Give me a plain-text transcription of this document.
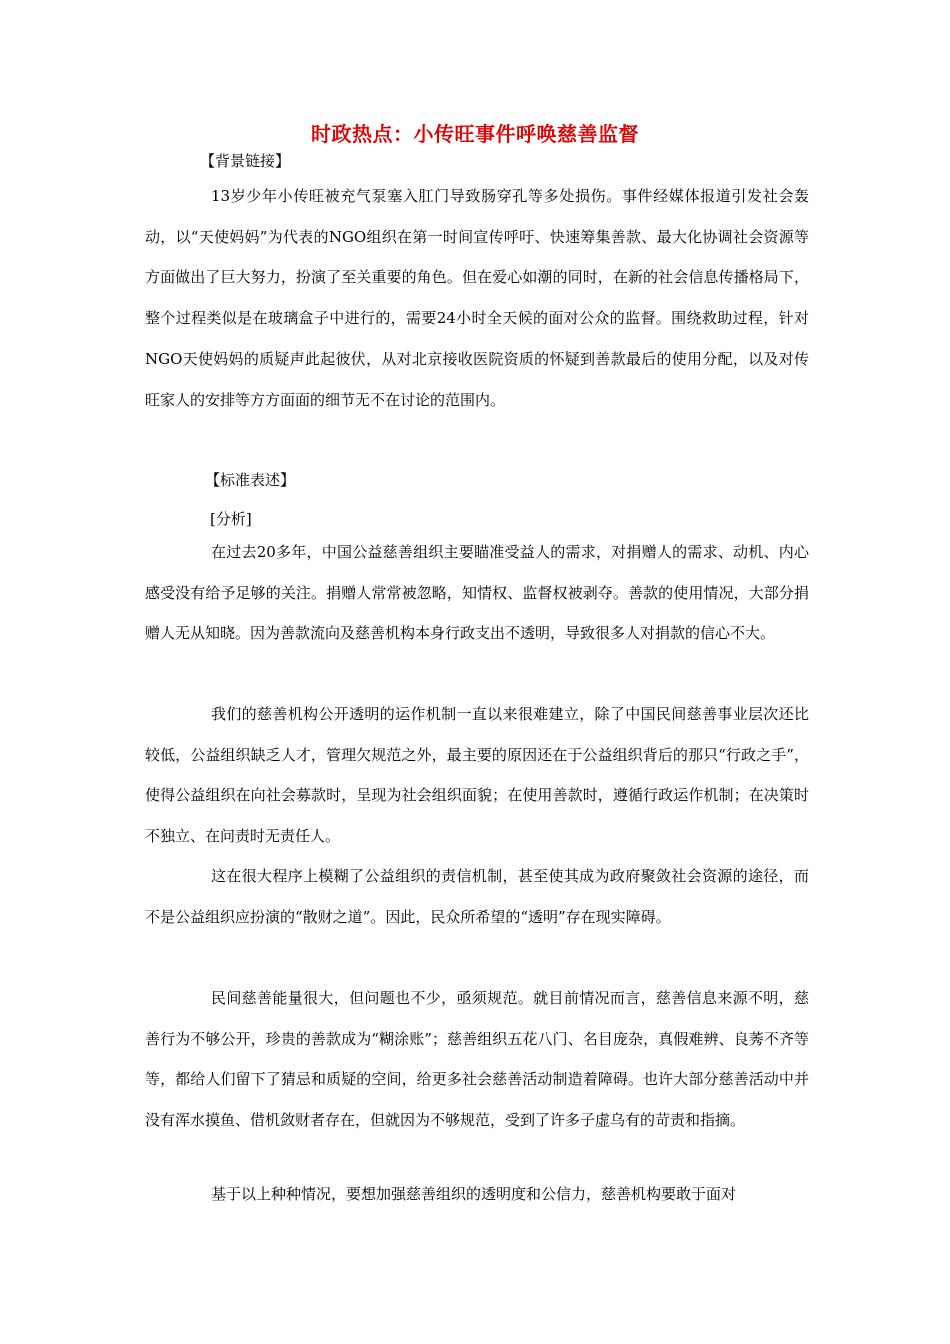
时政热点：小传旺事件呼唤慈善监督
【背景链接】

13岁少年小传旺被充气泵塞入肛门导致肠穿孔等多处损伤。事件经媒体报道引发社会轰动，以“天使妈妈”为代表的NGO组织在第一时间宣传呼吁、快速筹集善款、最大化协调社会资源等方面做出了巨大努力，扮演了至关重要的角色。但在爱心如潮的同时，在新的社会信息传播格局下，整个过程类似是在玻璃盒子中进行的，需要24小时全天候的面对公众的监督。围绕救助过程，针对NGO天使妈妈的质疑声此起彼伏，从对北京接收医院资质的怀疑到善款最后的使用分配，以及对传旺家人的安排等方方面面的细节无不在讨论的范围内。

【标准表述】
[分析]

在过去20多年，中国公益慈善组织主要瞄准受益人的需求，对捐赠人的需求、动机、内心感受没有给予足够的关注。捐赠人常常被忽略，知情权、监督权被剥夺。善款的使用情况，大部分捐赠人无从知晓。因为善款流向及慈善机构本身行政支出不透明，导致很多人对捐款的信心不大。

我们的慈善机构公开透明的运作机制一直以来很难建立，除了中国民间慈善事业层次还比较低，公益组织缺乏人才，管理欠规范之外，最主要的原因还在于公益组织背后的那只“行政之手”，使得公益组织在向社会募款时，呈现为社会组织面貌；在使用善款时，遵循行政运作机制；在决策时不独立、在问责时无责任人。

这在很大程序上模糊了公益组织的责信机制，甚至使其成为政府聚敛社会资源的途径，而不是公益组织应扮演的“散财之道”。因此，民众所希望的“透明”存在现实障碍。

民间慈善能量很大，但问题也不少，亟须规范。就目前情况而言，慈善信息来源不明，慈善行为不够公开，珍贵的善款成为“糊涂账”；慈善组织五花八门、名目庞杂，真假难辨、良莠不齐等等，都给人们留下了猜忌和质疑的空间，给更多社会慈善活动制造着障碍。也许大部分慈善活动中并没有浑水摸鱼、借机敛财者存在，但就因为不够规范，受到了许多子虚乌有的苛责和指摘。

基于以上种种情况，要想加强慈善组织的透明度和公信力，慈善机构要敢于面对
